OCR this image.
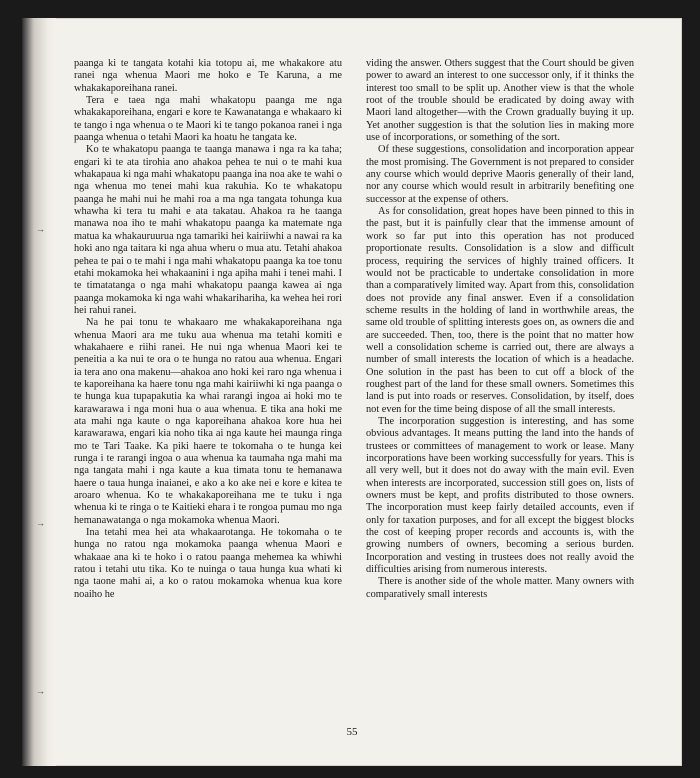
paanga ki te tangata kotahi kia totopu ai, me whakakore atu ranei nga whenua Maori me hoko e Te Karuna, a me whakakaporeihana ranei.

Tera e taea nga mahi whakatopu paanga me nga whakakaporeihana, engari e kore te Kawanatanga e whakaaro ki te tango i nga whenua o te Maori ki te tango pokanoa ranei i nga paanga whenua o tetahi Maori ka hoatu he tangata ke.

Ko te whakatopu paanga te taanga manawa i nga ra ka taha; engari ki te ata tirohia ano ahakoa pehea te nui o te mahi kua whakapaua ki nga mahi whakatopu paanga ina noa ake te wahi o nga whenua mo tenei mahi kua rakuhia. Ko te whakatopu paanga he mahi nui he mahi roa a ma nga tangata tohunga kua whawha ki tera tu mahi e ata takatau. Ahakoa ra he taanga manawa noa iho te mahi whakatopu paanga ka matemate nga matua ka whakauruurua nga tamariki hei kairiiwhi a nawai ra ka hoki ano nga taitara ki nga ahua wheru o mua atu. Tetahi ahakoa pehea te pai o te mahi i nga mahi whakatopu paanga ka toe tonu etahi mokamoka hei whakaanini i nga apiha mahi i tenei mahi. I te timatatanga o nga mahi whakatopu paanga kawea ai nga paanga mokamoka ki nga wahi whakarihariha, ka wehea hei rori hei rahui ranei.

Na he pai tonu te whakaaro me whakakaporeihana nga whenua Maori ara me tuku aua whenua ma tetahi komiti e whakahaere e riihi ranei. He nui nga whenua Maori kei te peneitia a ka nui te ora o te hunga no ratou aua whenua. Engari ia tera ano ona makenu—ahakoa ano hoki kei raro nga whenua i te kaporeihana ka haere tonu nga mahi kairiiwhi ki nga paanga o te hunga kua tupapakutia ka whai rarangi ingoa ai hoki mo te karawarawa i nga moni hua o aua whenua. E tika ana hoki me ata mahi nga kaute o nga kaporeihana ahakoa kore hua hei karawarawa, engari kia noho tika ai nga kaute hei maunga ringa mo te Tari Taake. Ka piki haere te tokomaha o te hunga kei runga i te rarangi ingoa o aua whenua ka taumaha nga mahi ma nga tangata mahi i nga kaute a kua timata tonu te hemanawa haere o taua hunga inaianei, e ako a ko ake nei e kore e kitea te aroaro whenua. Ko te whakakaporeihana me te tuku i nga whenua ki te ringa o te Kaitieki ehara i te rongoa pumau mo nga hemanawatanga o nga mokamoka whenua Maori.

Ina tetahi mea hei ata whakaarotanga. He tokomaha o te hunga no ratou nga mokamoka paanga whenua Maori e whakaae ana ki te hoko i o ratou paanga mehemea ka whiwhi ratou i tetahi utu tika. Ko te nuinga o taua hunga kua whati ki nga taone mahi ai, a ko o ratou mokamoka whenua kua kore noaiho he

viding the answer. Others suggest that the Court should be given power to award an interest to one successor only, if it thinks the interest too small to be split up. Another view is that the whole root of the trouble should be eradicated by doing away with Maori land altogether—with the Crown gradually buying it up. Yet another suggestion is that the solution lies in making more use of incorporations, or something of the sort.

Of these suggestions, consolidation and incorporation appear the most promising. The Government is not prepared to consider any course which would deprive Maoris generally of their land, nor any course which would result in arbitrarily benefiting one successor at the expense of others.

As for consolidation, great hopes have been pinned to this in the past, but it is painfully clear that the immense amount of work so far put into this operation has not produced proportionate results. Consolidation is a slow and difficult process, requiring the services of highly trained officers. It would not be practicable to undertake consolidation in more than a comparatively limited way. Apart from this, consolidation does not provide any final answer. Even if a consolidation scheme results in the holding of land in worthwhile areas, the same old trouble of splitting interests goes on, as owners die and are succeeded. Then, too, there is the point that no matter how well a consolidation scheme is carried out, there are always a number of small interests the location of which is a headache. One solution in the past has been to cut off a block of the roughest part of the land for these small owners. Sometimes this land is put into roads or reserves. Consolidation, by itself, does not even for the time being dispose of all the small interests.

The incorporation suggestion is interesting, and has some obvious advantages. It means putting the land into the hands of trustees or committees of management to work or lease. Many incorporations have been working successfully for years. This is all very well, but it does not do away with the main evil. Even when interests are incorporated, succession still goes on, lists of owners must be kept, and profits distributed to those owners. The incorporation must keep fairly detailed accounts, even if only for taxation purposes, and for all except the biggest blocks the cost of keeping proper records and accounts is, with the growing numbers of owners, becoming a serious burden. Incorporation and vesting in trustees does not really avoid the difficulties arising from numerous interests.

There is another side of the whole matter. Many owners with comparatively small interests

55
→
→
→
